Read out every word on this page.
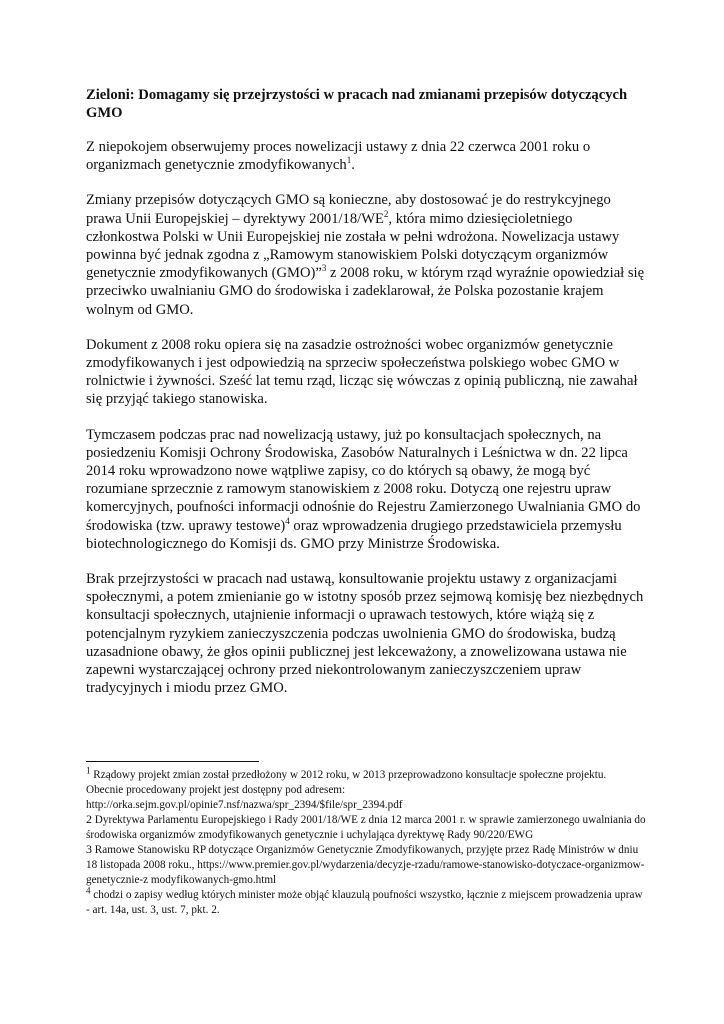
Zieloni: Domagamy się przejrzystości w pracach nad zmianami przepisów dotyczących GMO

Z niepokojem obserwujemy proces nowelizacji ustawy z dnia 22 czerwca 2001 roku o organizmach genetycznie zmodyfikowanych$^1$.

Zmiany przepisów dotyczących GMO są konieczne, aby dostosować je do restrykcyjnego prawa Unii Europejskiej – dyrektywy $2001/18/WE^2$, która mimo dziesięcioletniego członkostwa Polski w Unii Europejskiej nie została w pełni wdrożona. Nowelizacja ustawy powinna być jednak zgodna z „Ramowym stanowiskiem Polski dotyczącym organizmów genetycznie zmodyfikowanych (GMO)”$^3$ z 2008 roku, w którym rząd wyraźnie opowiedział się przeciwko uwalnianiu GMO do środowiska i zadeklarował, że Polska pozostanie krajem wolnym od GMO.

Dokument z 2008 roku opiera się na zasadzie ostrożności wobec organizmów genetycznie zmodyfikowanych i jest odpowiedzią na sprzeciw społeczeństwa polskiego wobec GMO w rolnictwie i żywności. Sześć lat temu rząd, licząc się wówczas z opinią publiczną, nie zawahał się przyjąć takiego stanowiska.

Tymczasem podczas prac nad nowelizacją ustawy, już po konsultacjach społecznych, na posiedzeniu Komisji Ochrony Środowiska, Zasobów Naturalnych i Leśnictwa w dn. 22 lipca 2014 roku wprowadzono nowe wątpliwe zapisy, co do których są obawy, że mogą być rozumiane sprzecznie z ramowym stanowiskiem z 2008 roku. Dotyczą one rejestru upraw komercyjnych, poufności informacji odnośnie do Rejestru Zamierzonego Uwalniania GMO do środowiska (tzw. uprawy testowe)$^4$ oraz wprowadzenia drugiego przedstawiciela przemysłu biotechnologicznego do Komisji ds. GMO przy Ministrze Środowiska.

Brak przejrzystości w pracach nad ustawą, konsultowanie projektu ustawy z organizacjami społecznymi, a potem zmienianie go w istotny sposób przez sejmową komisję bez niezbędnych konsultacji społecznych, utajnienie informacji o uprawach testowych, które wiążą się z potencjalnym ryzykiem zanieczyszczenia podczas uwolnienia GMO do środowiska, budzą uzasadnione obawy, że głos opinii publicznej jest lekceważony, a znowelizowana ustawa nie zapewni wystarczającej ochrony przed niekontrolowanym zanieczyszczeniem upraw tradycyjnych i miodu przez GMO.

$^1$ Rządowy projekt zmian został przedłożony w 2012 roku, w 2013 przeprowadzono konsultacje społeczne projektu. Obecnie procedowany projekt jest dostępny pod adresem: http://orka.sejm.gov.pl/opinie7.nsf/nazwa/spr_2394/$file/spr_2394.pdf

2 Dyrektywa Parlamentu Europejskiego i Rady 2001/18/WE z dnia 12 marca 2001 r. w sprawie zamierzonego uwalniania do środowiska organizmów zmodyfikowanych genetycznie i uchylająca dyrektywę Rady 90/220/EWG

3 Ramowe Stanowisku RP dotyczące Organizmów Genetycznie Zmodyfikowanych, przyjęte przez Radę Ministrów w dniu 18 listopada 2008 roku., https://www.premier.gov.pl/wydarzenia/decyzje-rzadu/ramowe-stanowisko-dotyczace-organizmow-genetycznie-z modyfikowanych-gmo.html

$^4$ chodzi o zapisy według których minister może objąć klauzulą poufności wszystko, łącznie z miejscem prowadzenia upraw - art. 14a, ust. 3, ust. 7, pkt. 2.
